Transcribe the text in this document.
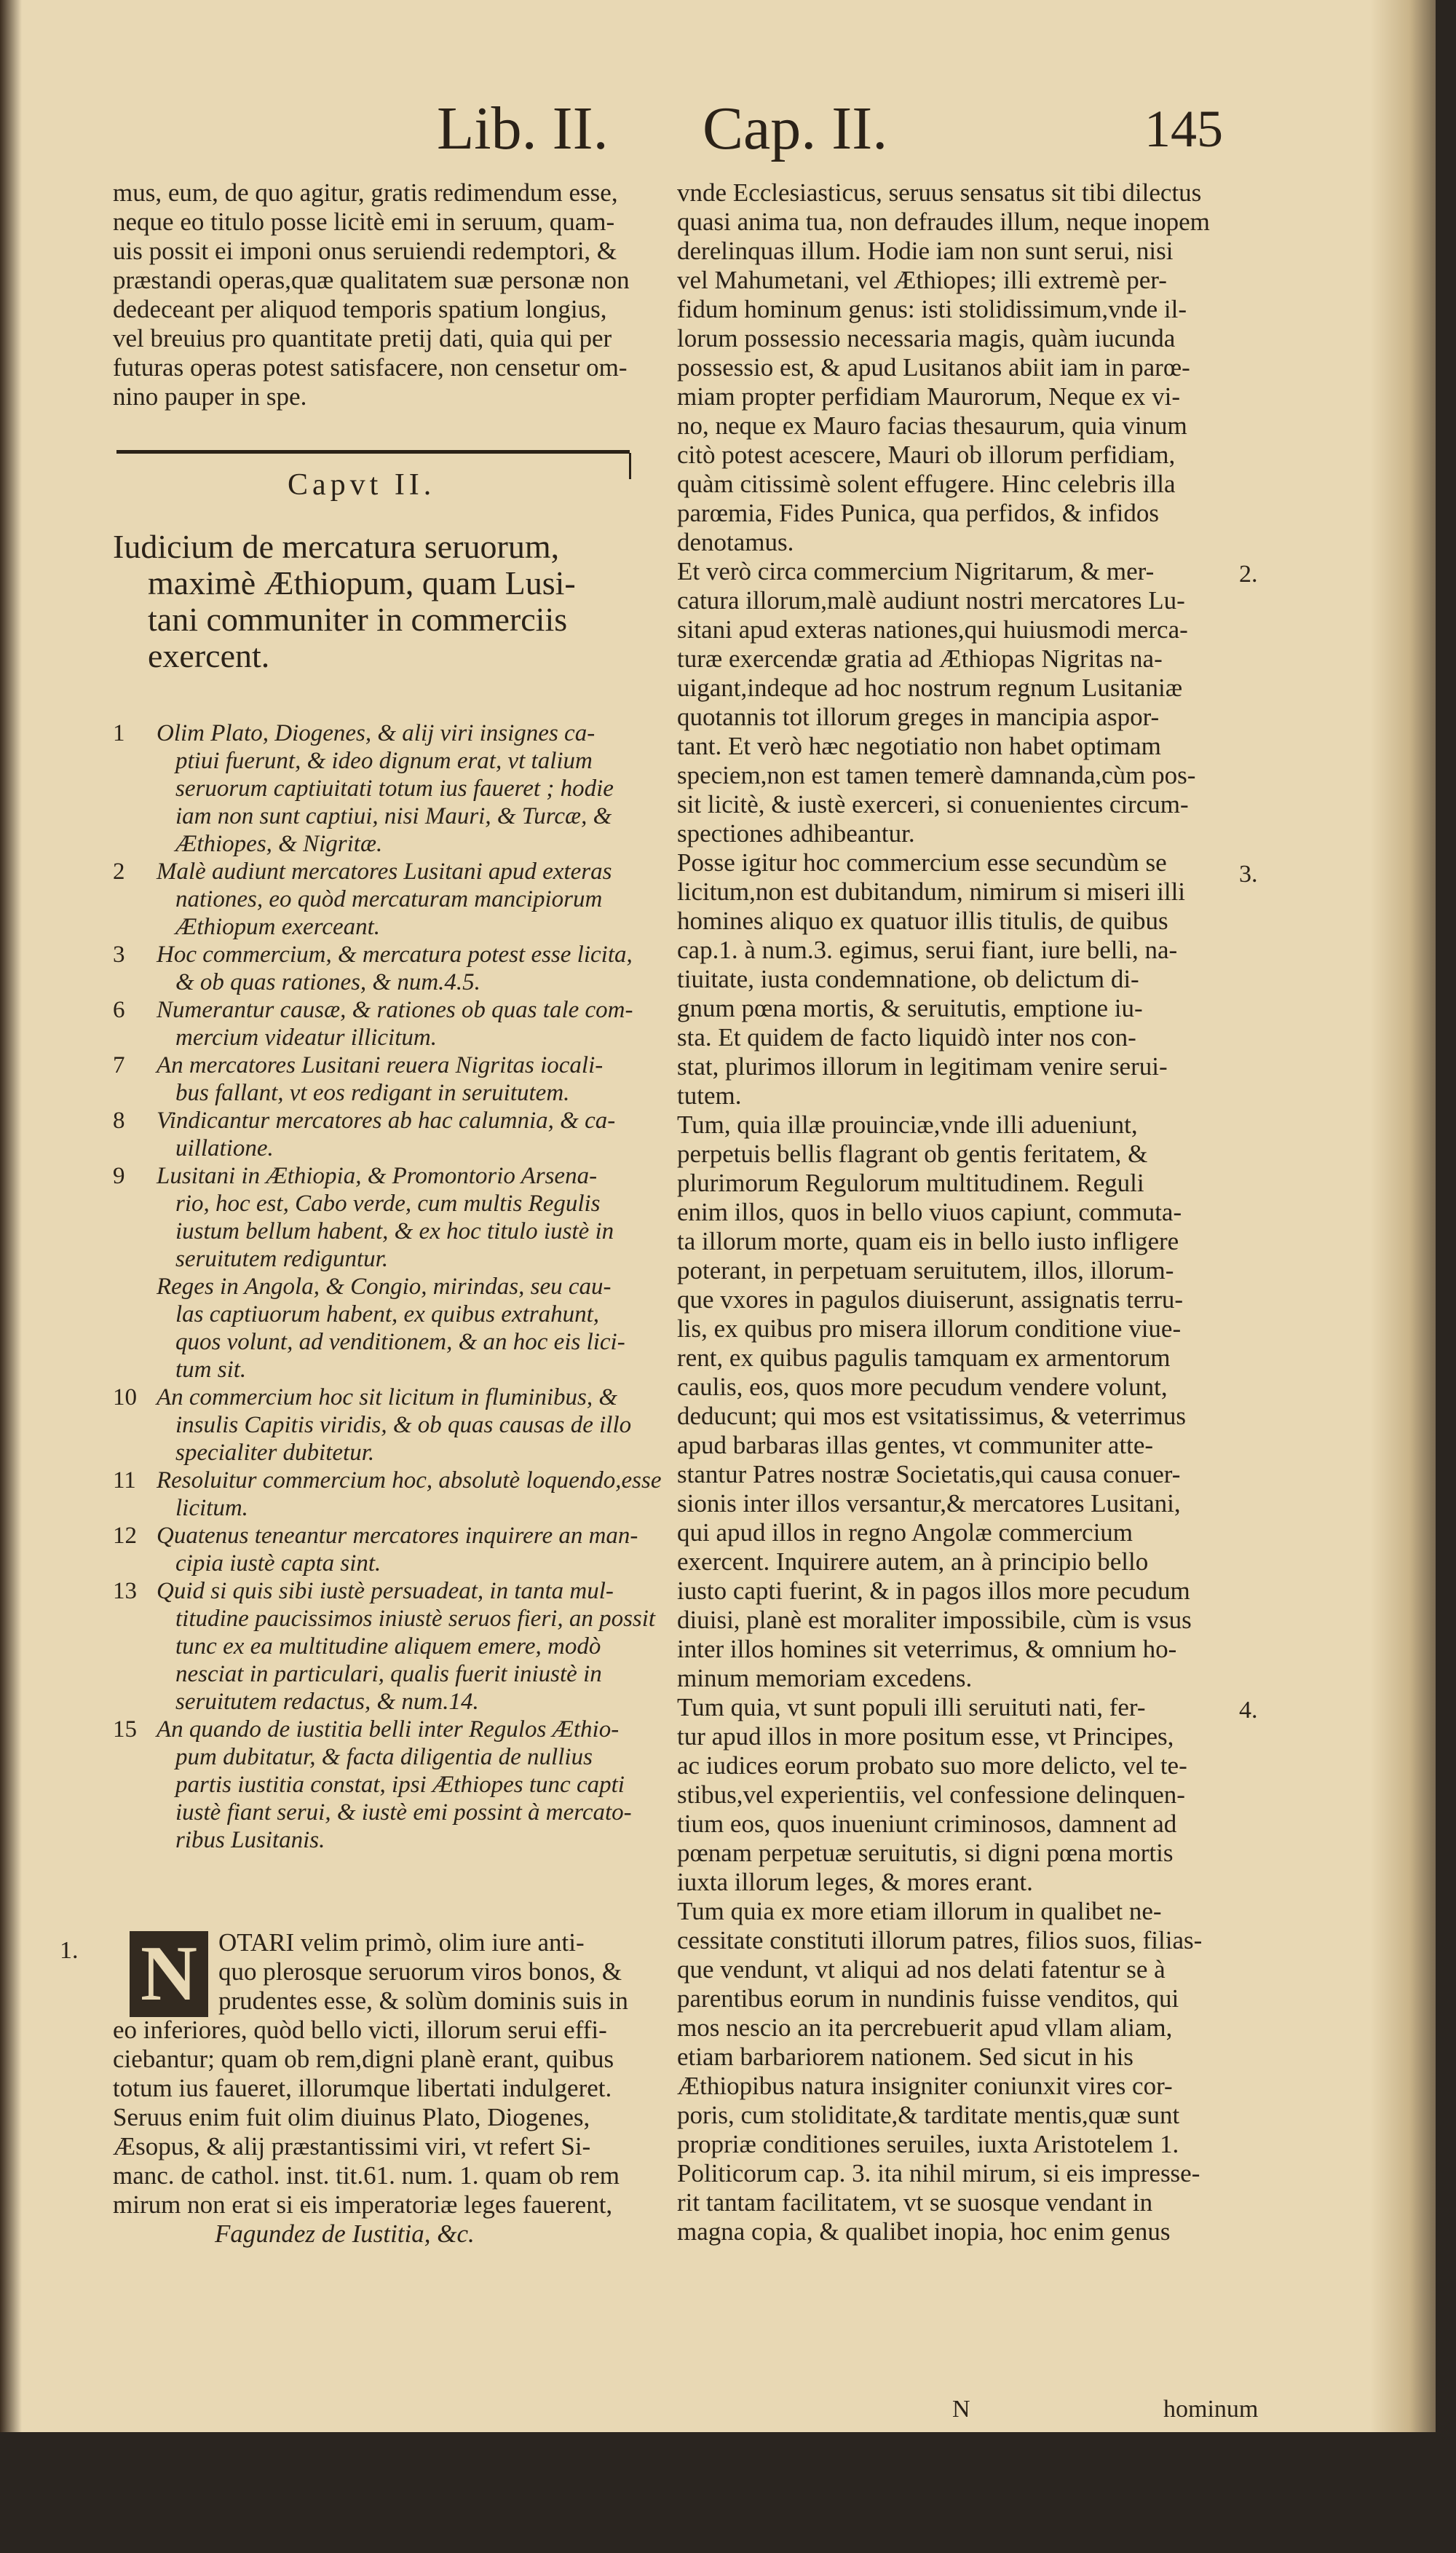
Lib. II. Cap. II.	145
mus, eum, de quo agitur, gratis redimendum esse,
neque eo titulo posse licitè emi in seruum, quam-
uis possit ei imponi onus seruiendi redemptori, &
præstandi operas,quæ qualitatem suæ personæ non
dedeceant per aliquod temporis spatium longius,
vel breuius pro quantitate pretij dati, quia qui per
futuras operas potest satisfacere, non censetur om-
nino pauper in spe.
Capvt II.
Iudicium de mercatura seruorum,
maximè Æthiopum, quam Lusi-
tani communiter in commerciis
exercent.
1 Olim Plato, Diogenes, & alij viri insignes ca-
ptiui fuerunt, & ideo dignum erat, vt talium
seruorum captiuitati totum ius faueret ; hodie
iam non sunt captiui, nisi Mauri, & Turcæ, &
Æthiopes, & Nigritæ.
2 Malè audiunt mercatores Lusitani apud exteras
nationes, eo quòd mercaturam mancipiorum
Æthiopum exerceant.
3 Hoc commercium, & mercatura potest esse licita,
& ob quas rationes, & num.4.5.
6 Numerantur causæ, & rationes ob quas tale com-
mercium videatur illicitum.
7 An mercatores Lusitani reuera Nigritas iocali-
bus fallant, vt eos redigant in seruitutem.
8 Vindicantur mercatores ab hac calumnia, & ca-
uillatione.
9 Lusitani in Æthiopia, & Promontorio Arsena-
rio, hoc est, Cabo verde, cum multis Regulis
iustum bellum habent, & ex hoc titulo iustè in
seruitutem rediguntur.
Reges in Angola, & Congio, mirindas, seu cau-
las captiuorum habent, ex quibus extrahunt,
quos volunt, ad venditionem, & an hoc eis lici-
tum sit.
10 An commercium hoc sit licitum in fluminibus, &
insulis Capitis viridis, & ob quas causas de illo
specialiter dubitetur.
11 Resoluitur commercium hoc, absolutè loquendo,esse
licitum.
12 Quatenus teneantur mercatores inquirere an man-
cipia iustè capta sint.
13 Quid si quis sibi iustè persuadeat, in tanta mul-
titudine paucissimos iniustè seruos fieri, an possit
tunc ex ea multitudine aliquem emere, modò
nesciat in particulari, qualis fuerit iniustè in
seruitutem redactus, & num.14.
15 An quando de iustitia belli inter Regulos Æthio-
pum dubitatur, & facta diligentia de nullius
partis iustitia constat, ipsi Æthiopes tunc capti
iustè fiant serui, & iustè emi possint à mercato-
ribus Lusitanis.
N OTARI velim primò, olim iure anti-
quo plerosque seruorum viros bonos, &
prudentes esse, & solùm dominis suis in
eo inferiores, quòd bello victi, illorum serui effi-
ciebantur; quam ob rem,digni planè erant, quibus
totum ius faueret, illorumque libertati indulgeret.
Seruus enim fuit olim diuinus Plato, Diogenes,
Æsopus, & alij præstantissimi viri, vt refert Si-
manc. de cathol. inst. tit.61. num. 1. quam ob rem
mirum non erat si eis imperatoriæ leges fauerent,
Fagundez de Iustitia, &c.
vnde Ecclesiasticus, seruus sensatus sit tibi dilectus
quasi anima tua, non defraudes illum, neque inopem
derelinquas illum. Hodie iam non sunt serui, nisi
vel Mahumetani, vel Æthiopes; illi extremè per-
fidum hominum genus: isti stolidissimum,vnde il-
lorum possessio necessaria magis, quàm iucunda
possessio est, & apud Lusitanos abiit iam in parœ-
miam propter perfidiam Maurorum, Neque ex vi-
no, neque ex Mauro facias thesaurum, quia vinum
citò potest acescere, Mauri ob illorum perfidiam,
quàm citissimè solent effugere. Hinc celebris illa
parœmia, Fides Punica, qua perfidos, & infidos
denotamus.
Et verò circa commercium Nigritarum, & mer-
catura illorum,malè audiunt nostri mercatores Lu-
sitani apud exteras nationes,qui huiusmodi merca-
turæ exercendæ gratia ad Æthiopas Nigritas na-
uigant,indeque ad hoc nostrum regnum Lusitaniæ
quotannis tot illorum greges in mancipia aspor-
tant. Et verò hæc negotiatio non habet optimam
speciem,non est tamen temerè damnanda,cùm pos-
sit licitè, & iustè exerceri, si conuenientes circum-
spectiones adhibeantur.
Posse igitur hoc commercium esse secundùm se
licitum,non est dubitandum, nimirum si miseri illi
homines aliquo ex quatuor illis titulis, de quibus
cap.1. à num.3. egimus, serui fiant, iure belli, na-
tiuitate, iusta condemnatione, ob delictum di-
gnum pœna mortis, & seruitutis, emptione iu-
sta. Et quidem de facto liquidò inter nos con-
stat, plurimos illorum in legitimam venire serui-
tutem.
Tum, quia illæ prouinciæ,vnde illi adueniunt,
perpetuis bellis flagrant ob gentis feritatem, &
plurimorum Regulorum multitudinem. Reguli
enim illos, quos in bello viuos capiunt, commuta-
ta illorum morte, quam eis in bello iusto infligere
poterant, in perpetuam seruitutem, illos, illorum-
que vxores in pagulos diuiserunt, assignatis terru-
lis, ex quibus pro misera illorum conditione viue-
rent, ex quibus pagulis tamquam ex armentorum
caulis, eos, quos more pecudum vendere volunt,
deducunt; qui mos est vsitatissimus, & veterrimus
apud barbaras illas gentes, vt communiter atte-
stantur Patres nostræ Societatis,qui causa conuer-
sionis inter illos versantur,& mercatores Lusitani,
qui apud illos in regno Angolæ commercium
exercent. Inquirere autem, an à principio bello
iusto capti fuerint, & in pagos illos more pecudum
diuisi, planè est moraliter impossibile, cùm is vsus
inter illos homines sit veterrimus, & omnium ho-
minum memoriam excedens.
Tum quia, vt sunt populi illi seruituti nati, fer-
tur apud illos in more positum esse, vt Principes,
ac iudices eorum probato suo more delicto, vel te-
stibus,vel experientiis, vel confessione delinquen-
tium eos, quos inueniunt criminosos, damnent ad
pœnam perpetuæ seruitutis, si digni pœna mortis
iuxta illorum leges, & mores erant.
Tum quia ex more etiam illorum in qualibet ne-
cessitate constituti illorum patres, filios suos, filias-
que vendunt, vt aliqui ad nos delati fatentur se à
parentibus eorum in nundinis fuisse venditos, qui
mos nescio an ita percrebuerit apud vllam aliam,
etiam barbariorem nationem. Sed sicut in his
Æthiopibus natura insigniter coniunxit vires cor-
poris, cum stoliditate,& tarditate mentis,quæ sunt
propriæ conditiones seruiles, iuxta Aristotelem 1.
Politicorum cap. 3. ita nihil mirum, si eis impresse-
rit tantam facilitatem, vt se suosque vendant in
magna copia, & qualibet inopia, hoc enim genus
1.
2.
3.
4.
N	hominum
